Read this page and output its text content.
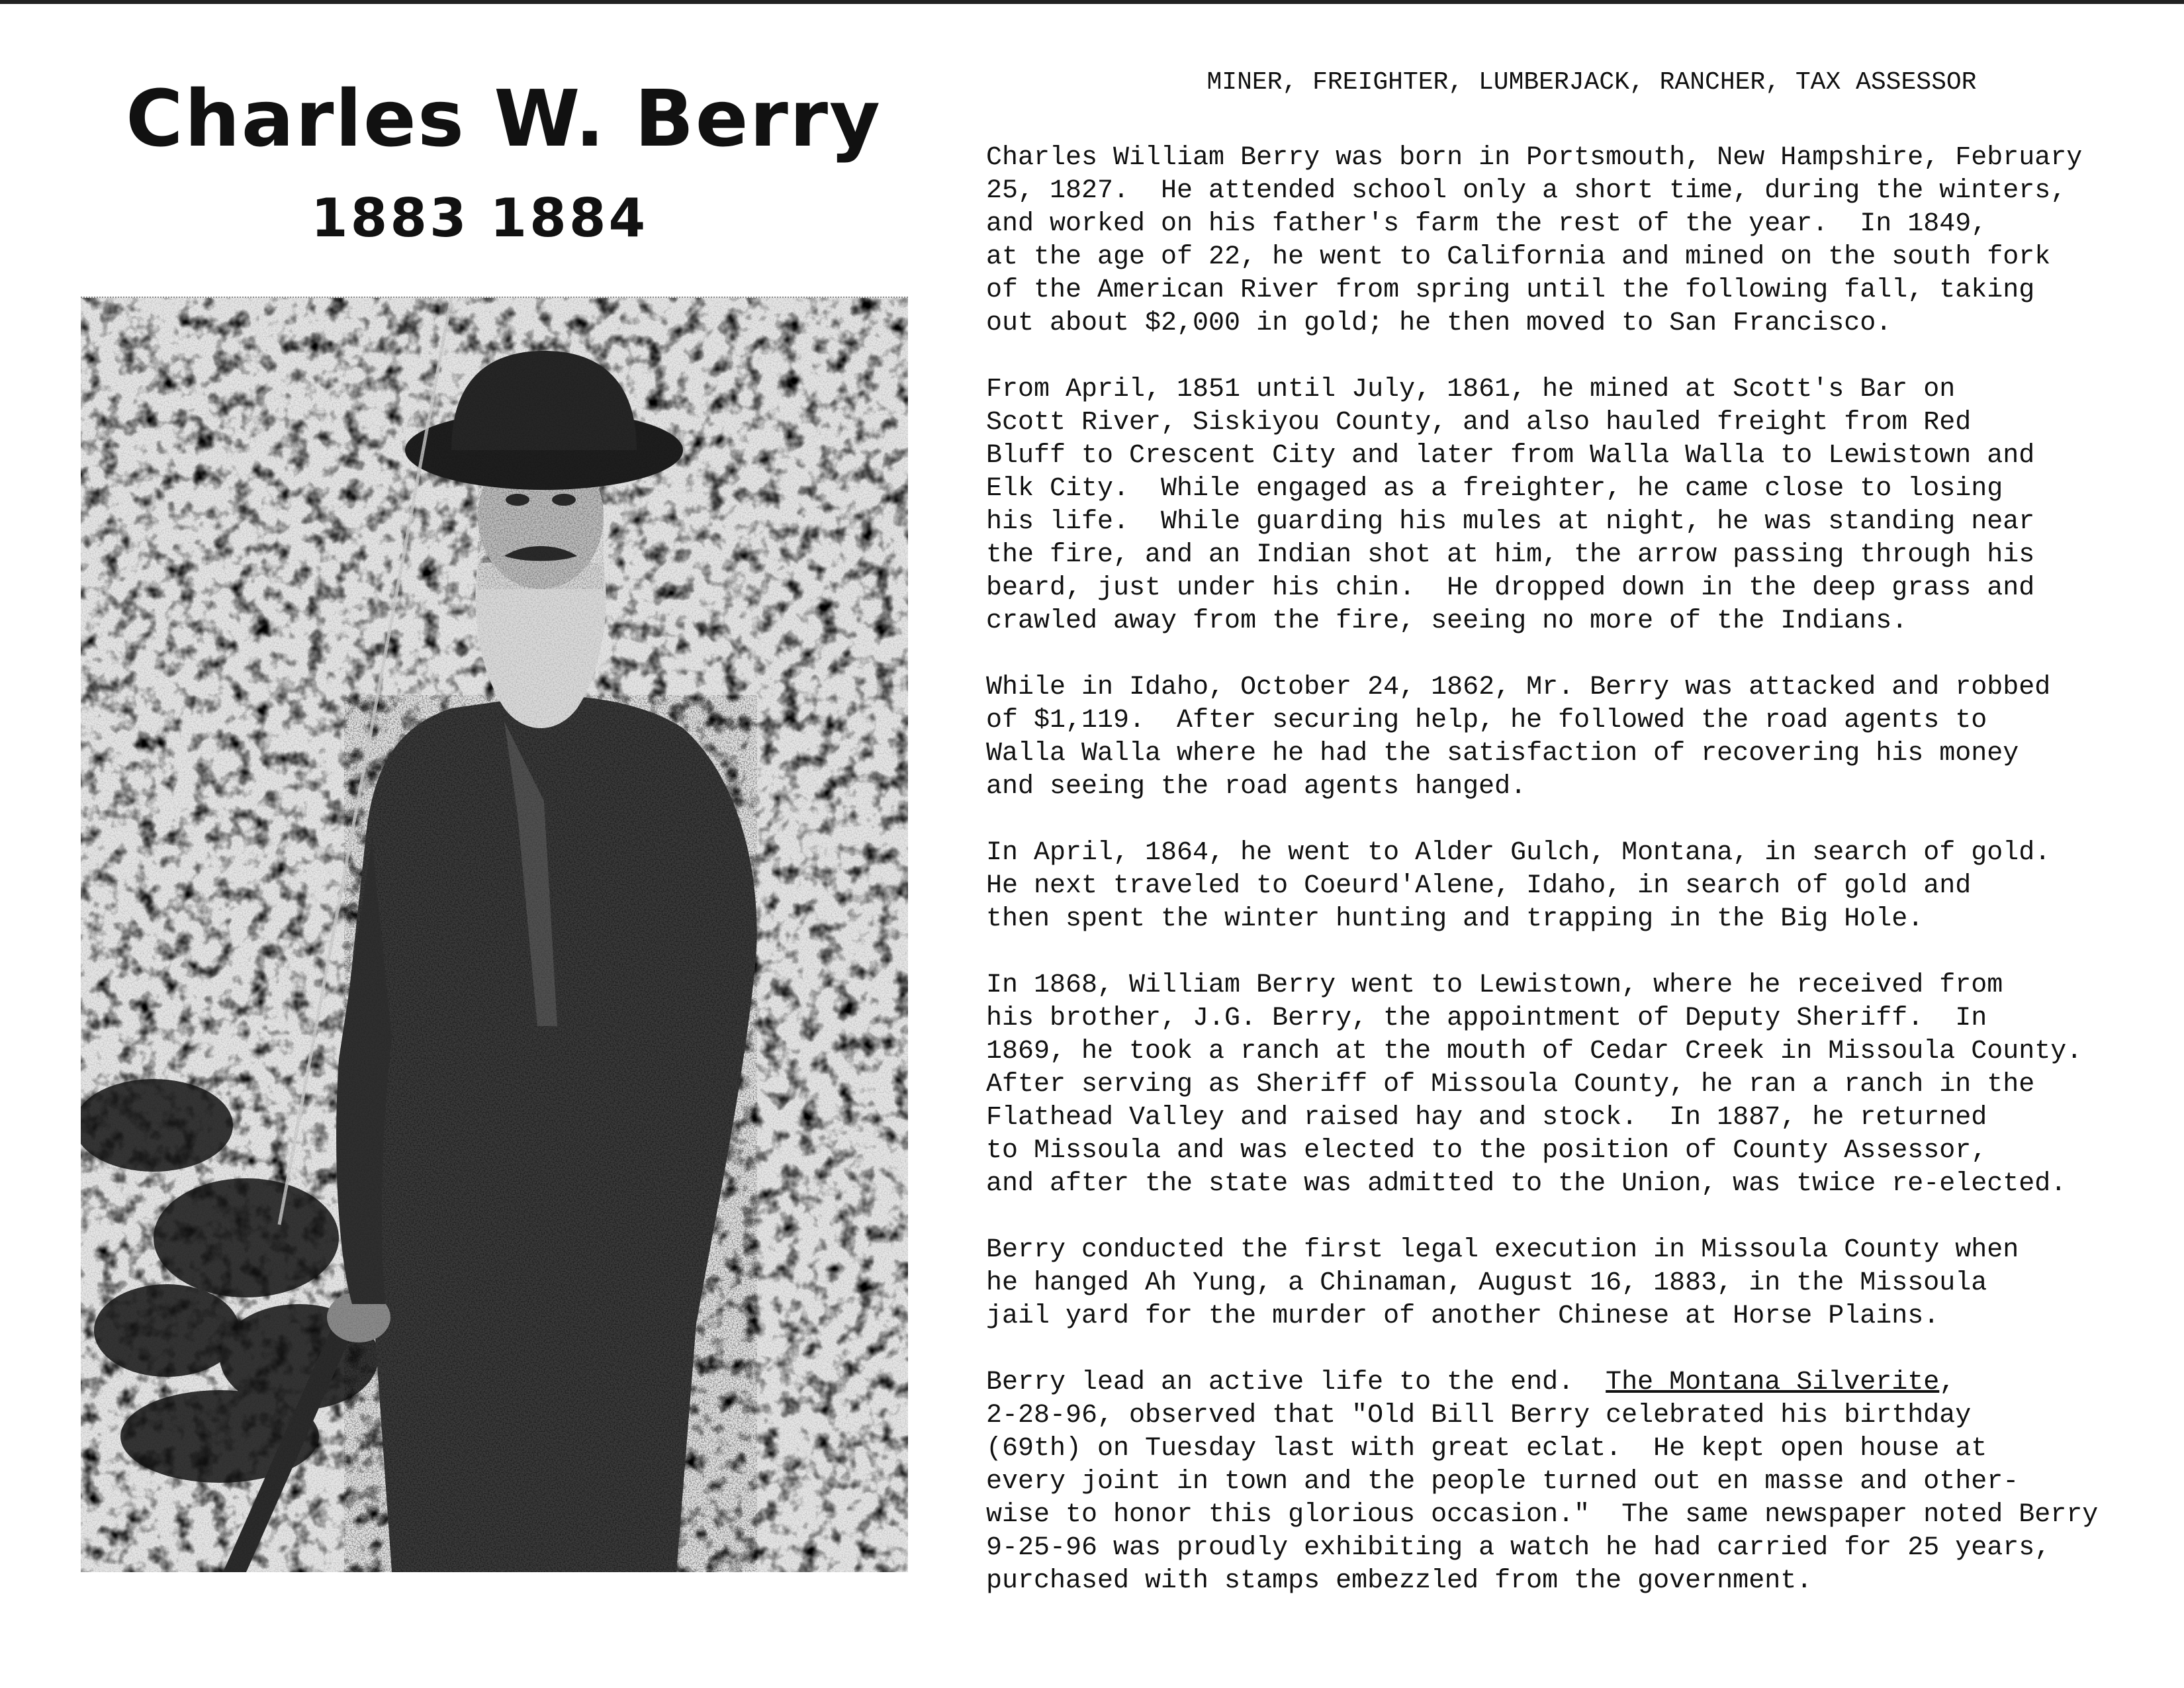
Charles W. Berry
1883 1884
MINER, FREIGHTER, LUMBERJACK, RANCHER, TAX ASSESSOR
Charles William Berry was born in Portsmouth, New Hampshire, February
25, 1827.  He attended school only a short time, during the winters,
and worked on his father's farm the rest of the year.  In 1849,
at the age of 22, he went to California and mined on the south fork
of the American River from spring until the following fall, taking
out about $2,000 in gold; he then moved to San Francisco.
From April, 1851 until July, 1861, he mined at Scott's Bar on
Scott River, Siskiyou County, and also hauled freight from Red
Bluff to Crescent City and later from Walla Walla to Lewistown and
Elk City.  While engaged as a freighter, he came close to losing
his life.  While guarding his mules at night, he was standing near
the fire, and an Indian shot at him, the arrow passing through his
beard, just under his chin.  He dropped down in the deep grass and
crawled away from the fire, seeing no more of the Indians.
While in Idaho, October 24, 1862, Mr. Berry was attacked and robbed
of $1,119.  After securing help, he followed the road agents to
Walla Walla where he had the satisfaction of recovering his money
and seeing the road agents hanged.
In April, 1864, he went to Alder Gulch, Montana, in search of gold.
He next traveled to Coeurd'Alene, Idaho, in search of gold and
then spent the winter hunting and trapping in the Big Hole.
In 1868, William Berry went to Lewistown, where he received from
his brother, J.G. Berry, the appointment of Deputy Sheriff.  In
1869, he took a ranch at the mouth of Cedar Creek in Missoula County.
After serving as Sheriff of Missoula County, he ran a ranch in the
Flathead Valley and raised hay and stock.  In 1887, he returned
to Missoula and was elected to the position of County Assessor,
and after the state was admitted to the Union, was twice re-elected.
Berry conducted the first legal execution in Missoula County when
he hanged Ah Yung, a Chinaman, August 16, 1883, in the Missoula
jail yard for the murder of another Chinese at Horse Plains.
Berry lead an active life to the end.  The Montana Silverite,
2-28-96, observed that "Old Bill Berry celebrated his birthday
(69th) on Tuesday last with great eclat.  He kept open house at
every joint in town and the people turned out en masse and other-
wise to honor this glorious occasion."  The same newspaper noted Berry
9-25-96 was proudly exhibiting a watch he had carried for 25 years,
purchased with stamps embezzled from the government.
